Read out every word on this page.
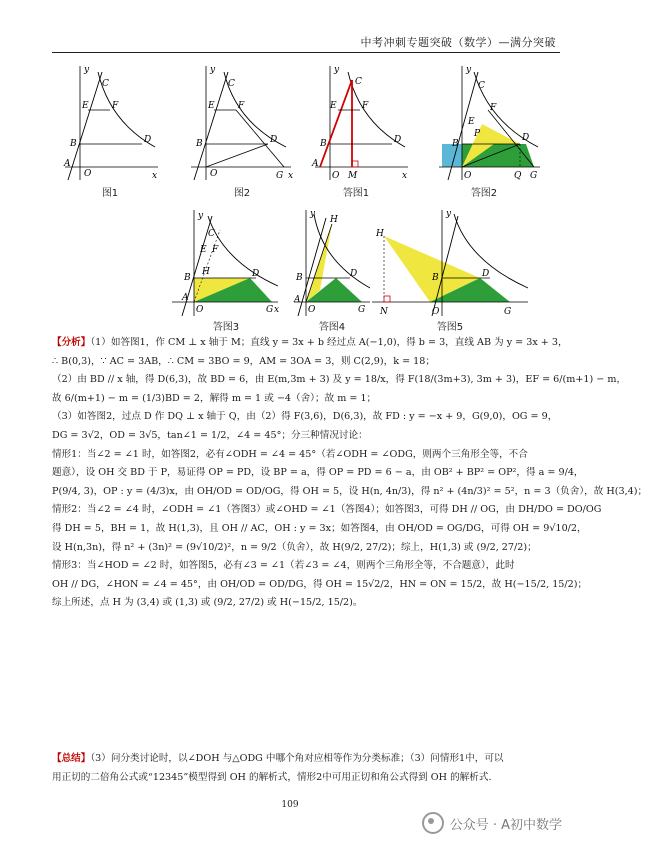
中考冲刺专题突破（数学）—满分突破
y
C
E	F
B	D
A
O	x
图1
y
C
E	F
B	D
O	G x
图2
y
C
E	F
B	D
A
O M	x
答图1
y
C
E
F
P
B
D
O	Q G
答图2
y
C
E F
H
B	D
A
O	G x
答图3
y
H
B	D
A
O	G
答图4
H
y
B	D
N	O	G
答图5
【分析】（1）如答图1，作 CM ⊥ x 轴于 M；直线 y = 3x + b 经过点 A(−1,0)，得 b = 3，直线 AB 为 y = 3x + 3，
∴ B(0,3)，∵ AC = 3AB，∴ CM = 3BO = 9，AM = 3OA = 3，则 C(2,9)，k = 18；
（2）由 BD // x 轴，得 D(6,3)，故 BD = 6，由 E(m,3m + 3) 及 y = 18/x，得 F(18/(3m+3), 3m + 3)，EF = 6/(m+1) − m，
故 6/(m+1) − m = (1/3)BD = 2，解得 m = 1 或 −4（舍）；故 m = 1；
（3）如答图2，过点 D 作 DQ ⊥ x 轴于 Q，由（2）得 F(3,6)，D(6,3)，故 FD : y = −x + 9，G(9,0)，OG = 9，
DG = 3√2，OD = 3√5，tan∠1 = 1/2，∠4 = 45°；分三种情况讨论：
情形1：当∠2 = ∠1 时，如答图2，必有∠ODH = ∠4 = 45°（若∠ODH = ∠ODG，则两个三角形全等，不合
题意），设 OH 交 BD 于 P，易证得 OP = PD，设 BP = a，得 OP = PD = 6 − a，由 OB² + BP² = OP²，得 a = 9/4，
P(9/4, 3)，OP : y = (4/3)x，由 OH/OD = OD/OG，得 OH = 5，设 H(n, 4n/3)，得 n² + (4n/3)² = 5²，n = 3（负舍），故 H(3,4)；
情形2：当∠2 = ∠4 时，∠ODH = ∠1（答图3）或∠OHD = ∠1（答图4）；如答图3，可得 DH // OG，由 DH/DO = DO/OG
得 DH = 5，BH = 1，故 H(1,3)，且 OH // AC，OH : y = 3x；如答图4，由 OH/OD = OG/DG，可得 OH = 9√10/2，
设 H(n,3n)，得 n² + (3n)² = (9√10/2)²，n = 9/2（负舍），故 H(9/2, 27/2)；综上，H(1,3) 或 (9/2, 27/2)；
情形3：当∠HOD = ∠2 时，如答图5，必有∠3 = ∠1（若∠3 = ∠4，则两个三角形全等，不合题意），此时
OH // DG，∠HON = ∠4 = 45°，由 OH/OD = OD/DG，得 OH = 15√2/2，HN = ON = 15/2，故 H(−15/2, 15/2)；
综上所述，点 H 为 (3,4) 或 (1,3) 或 (9/2, 27/2) 或 H(−15/2, 15/2)。
【总结】（3）问分类讨论时，以∠DOH 与△ODG 中哪个角对应相等作为分类标准；（3）问情形1中，可以
用正切的二倍角公式或“12345”模型得到 OH 的解析式，情形2中可用正切和角公式得到 OH 的解析式.
109
公众号 · A初中数学
